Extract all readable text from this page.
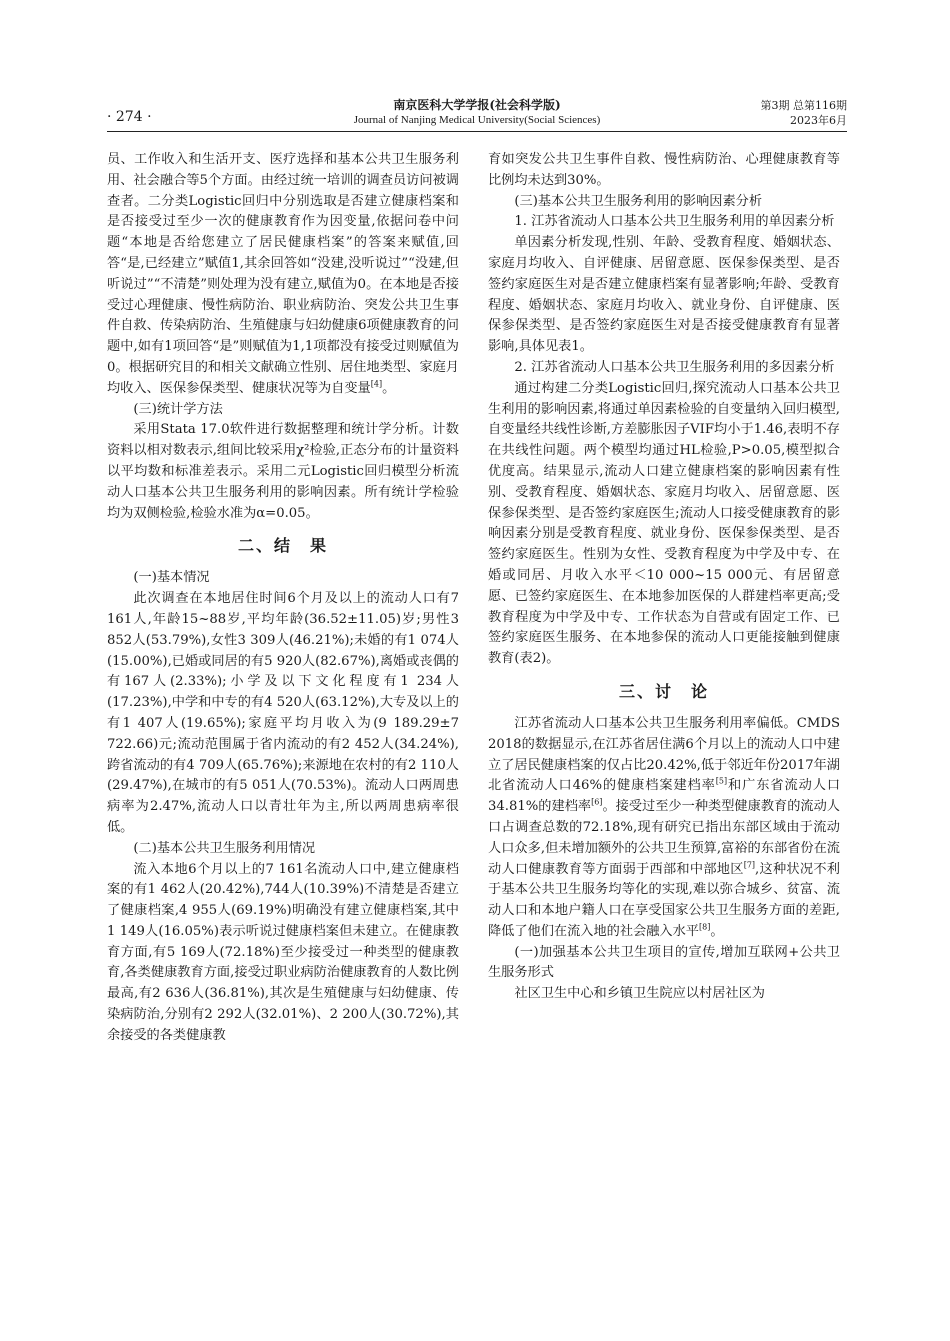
· 274 ·
南京医科大学学报(社会科学版)
Journal of Nanjing Medical University(Social Sciences)
第3期 总第116期
2023年6月

员、工作收入和生活开支、医疗选择和基本公共卫生服务利用、社会融合等5个方面。由经过统一培训的调查员访问被调查者。二分类Logistic回归中分别选取是否建立健康档案和是否接受过至少一次的健康教育作为因变量,依据问卷中问题“本地是否给您建立了居民健康档案”的答案来赋值,回答“是,已经建立”赋值1,其余回答如“没建,没听说过”“没建,但听说过”“不清楚”则处理为没有建立,赋值为0。在本地是否接受过心理健康、慢性病防治、职业病防治、突发公共卫生事件自救、传染病防治、生殖健康与妇幼健康6项健康教育的问题中,如有1项回答“是”则赋值为1,1项都没有接受过则赋值为0。根据研究目的和相关文献确立性别、居住地类型、家庭月均收入、医保参保类型、健康状况等为自变量[4]。

(三)统计学方法

采用Stata 17.0软件进行数据整理和统计学分析。计数资料以相对数表示,组间比较采用χ²检验,正态分布的计量资料以平均数和标准差表示。采用二元Logistic回归模型分析流动人口基本公共卫生服务利用的影响因素。所有统计学检验均为双侧检验,检验水准为α=0.05。

二、结　果

(一)基本情况

此次调查在本地居住时间6个月及以上的流动人口有7 161人,年龄15~88岁,平均年龄(36.52±11.05)岁;男性3 852人(53.79%),女性3 309人(46.21%);未婚的有1 074人(15.00%),已婚或同居的有5 920人(82.67%),离婚或丧偶的有167人(2.33%);小学及以下文化程度有1 234人(17.23%),中学和中专的有4 520人(63.12%),大专及以上的有1 407人(19.65%);家庭平均月收入为(9 189.29±7 722.66)元;流动范围属于省内流动的有2 452人(34.24%),跨省流动的有4 709人(65.76%);来源地在农村的有2 110人(29.47%),在城市的有5 051人(70.53%)。流动人口两周患病率为2.47%,流动人口以青壮年为主,所以两周患病率很低。

(二)基本公共卫生服务利用情况

流入本地6个月以上的7 161名流动人口中,建立健康档案的有1 462人(20.42%),744人(10.39%)不清楚是否建立了健康档案,4 955人(69.19%)明确没有建立健康档案,其中1 149人(16.05%)表示听说过健康档案但未建立。在健康教育方面,有5 169人(72.18%)至少接受过一种类型的健康教育,各类健康教育方面,接受过职业病防治健康教育的人数比例最高,有2 636人(36.81%),其次是生殖健康与妇幼健康、传染病防治,分别有2 292人(32.01%)、2 200人(30.72%),其余接受的各类健康教

育如突发公共卫生事件自救、慢性病防治、心理健康教育等比例均未达到30%。

(三)基本公共卫生服务利用的影响因素分析

1. 江苏省流动人口基本公共卫生服务利用的单因素分析

单因素分析发现,性别、年龄、受教育程度、婚姻状态、家庭月均收入、自评健康、居留意愿、医保参保类型、是否签约家庭医生对是否建立健康档案有显著影响;年龄、受教育程度、婚姻状态、家庭月均收入、就业身份、自评健康、医保参保类型、是否签约家庭医生对是否接受健康教育有显著影响,具体见表1。

2. 江苏省流动人口基本公共卫生服务利用的多因素分析

通过构建二分类Logistic回归,探究流动人口基本公共卫生利用的影响因素,将通过单因素检验的自变量纳入回归模型,自变量经共线性诊断,方差膨胀因子VIF均小于1.46,表明不存在共线性问题。两个模型均通过HL检验,P>0.05,模型拟合优度高。结果显示,流动人口建立健康档案的影响因素有性别、受教育程度、婚姻状态、家庭月均收入、居留意愿、医保参保类型、是否签约家庭医生;流动人口接受健康教育的影响因素分别是受教育程度、就业身份、医保参保类型、是否签约家庭医生。性别为女性、受教育程度为中学及中专、在婚或同居、月收入水平＜10 000~15 000元、有居留意愿、已签约家庭医生、在本地参加医保的人群建档率更高;受教育程度为中学及中专、工作状态为自营或有固定工作、已签约家庭医生服务、在本地参保的流动人口更能接触到健康教育(表2)。

三、讨　论

江苏省流动人口基本公共卫生服务利用率偏低。CMDS 2018的数据显示,在江苏省居住满6个月以上的流动人口中建立了居民健康档案的仅占比20.42%,低于邻近年份2017年湖北省流动人口46%的健康档案建档率[5]和广东省流动人口34.81%的建档率[6]。接受过至少一种类型健康教育的流动人口占调查总数的72.18%,现有研究已指出东部区域由于流动人口众多,但未增加额外的公共卫生预算,富裕的东部省份在流动人口健康教育等方面弱于西部和中部地区[7],这种状况不利于基本公共卫生服务均等化的实现,难以弥合城乡、贫富、流动人口和本地户籍人口在享受国家公共卫生服务方面的差距,降低了他们在流入地的社会融入水平[8]。

(一)加强基本公共卫生项目的宣传,增加互联网+公共卫生服务形式

社区卫生中心和乡镇卫生院应以村居社区为
